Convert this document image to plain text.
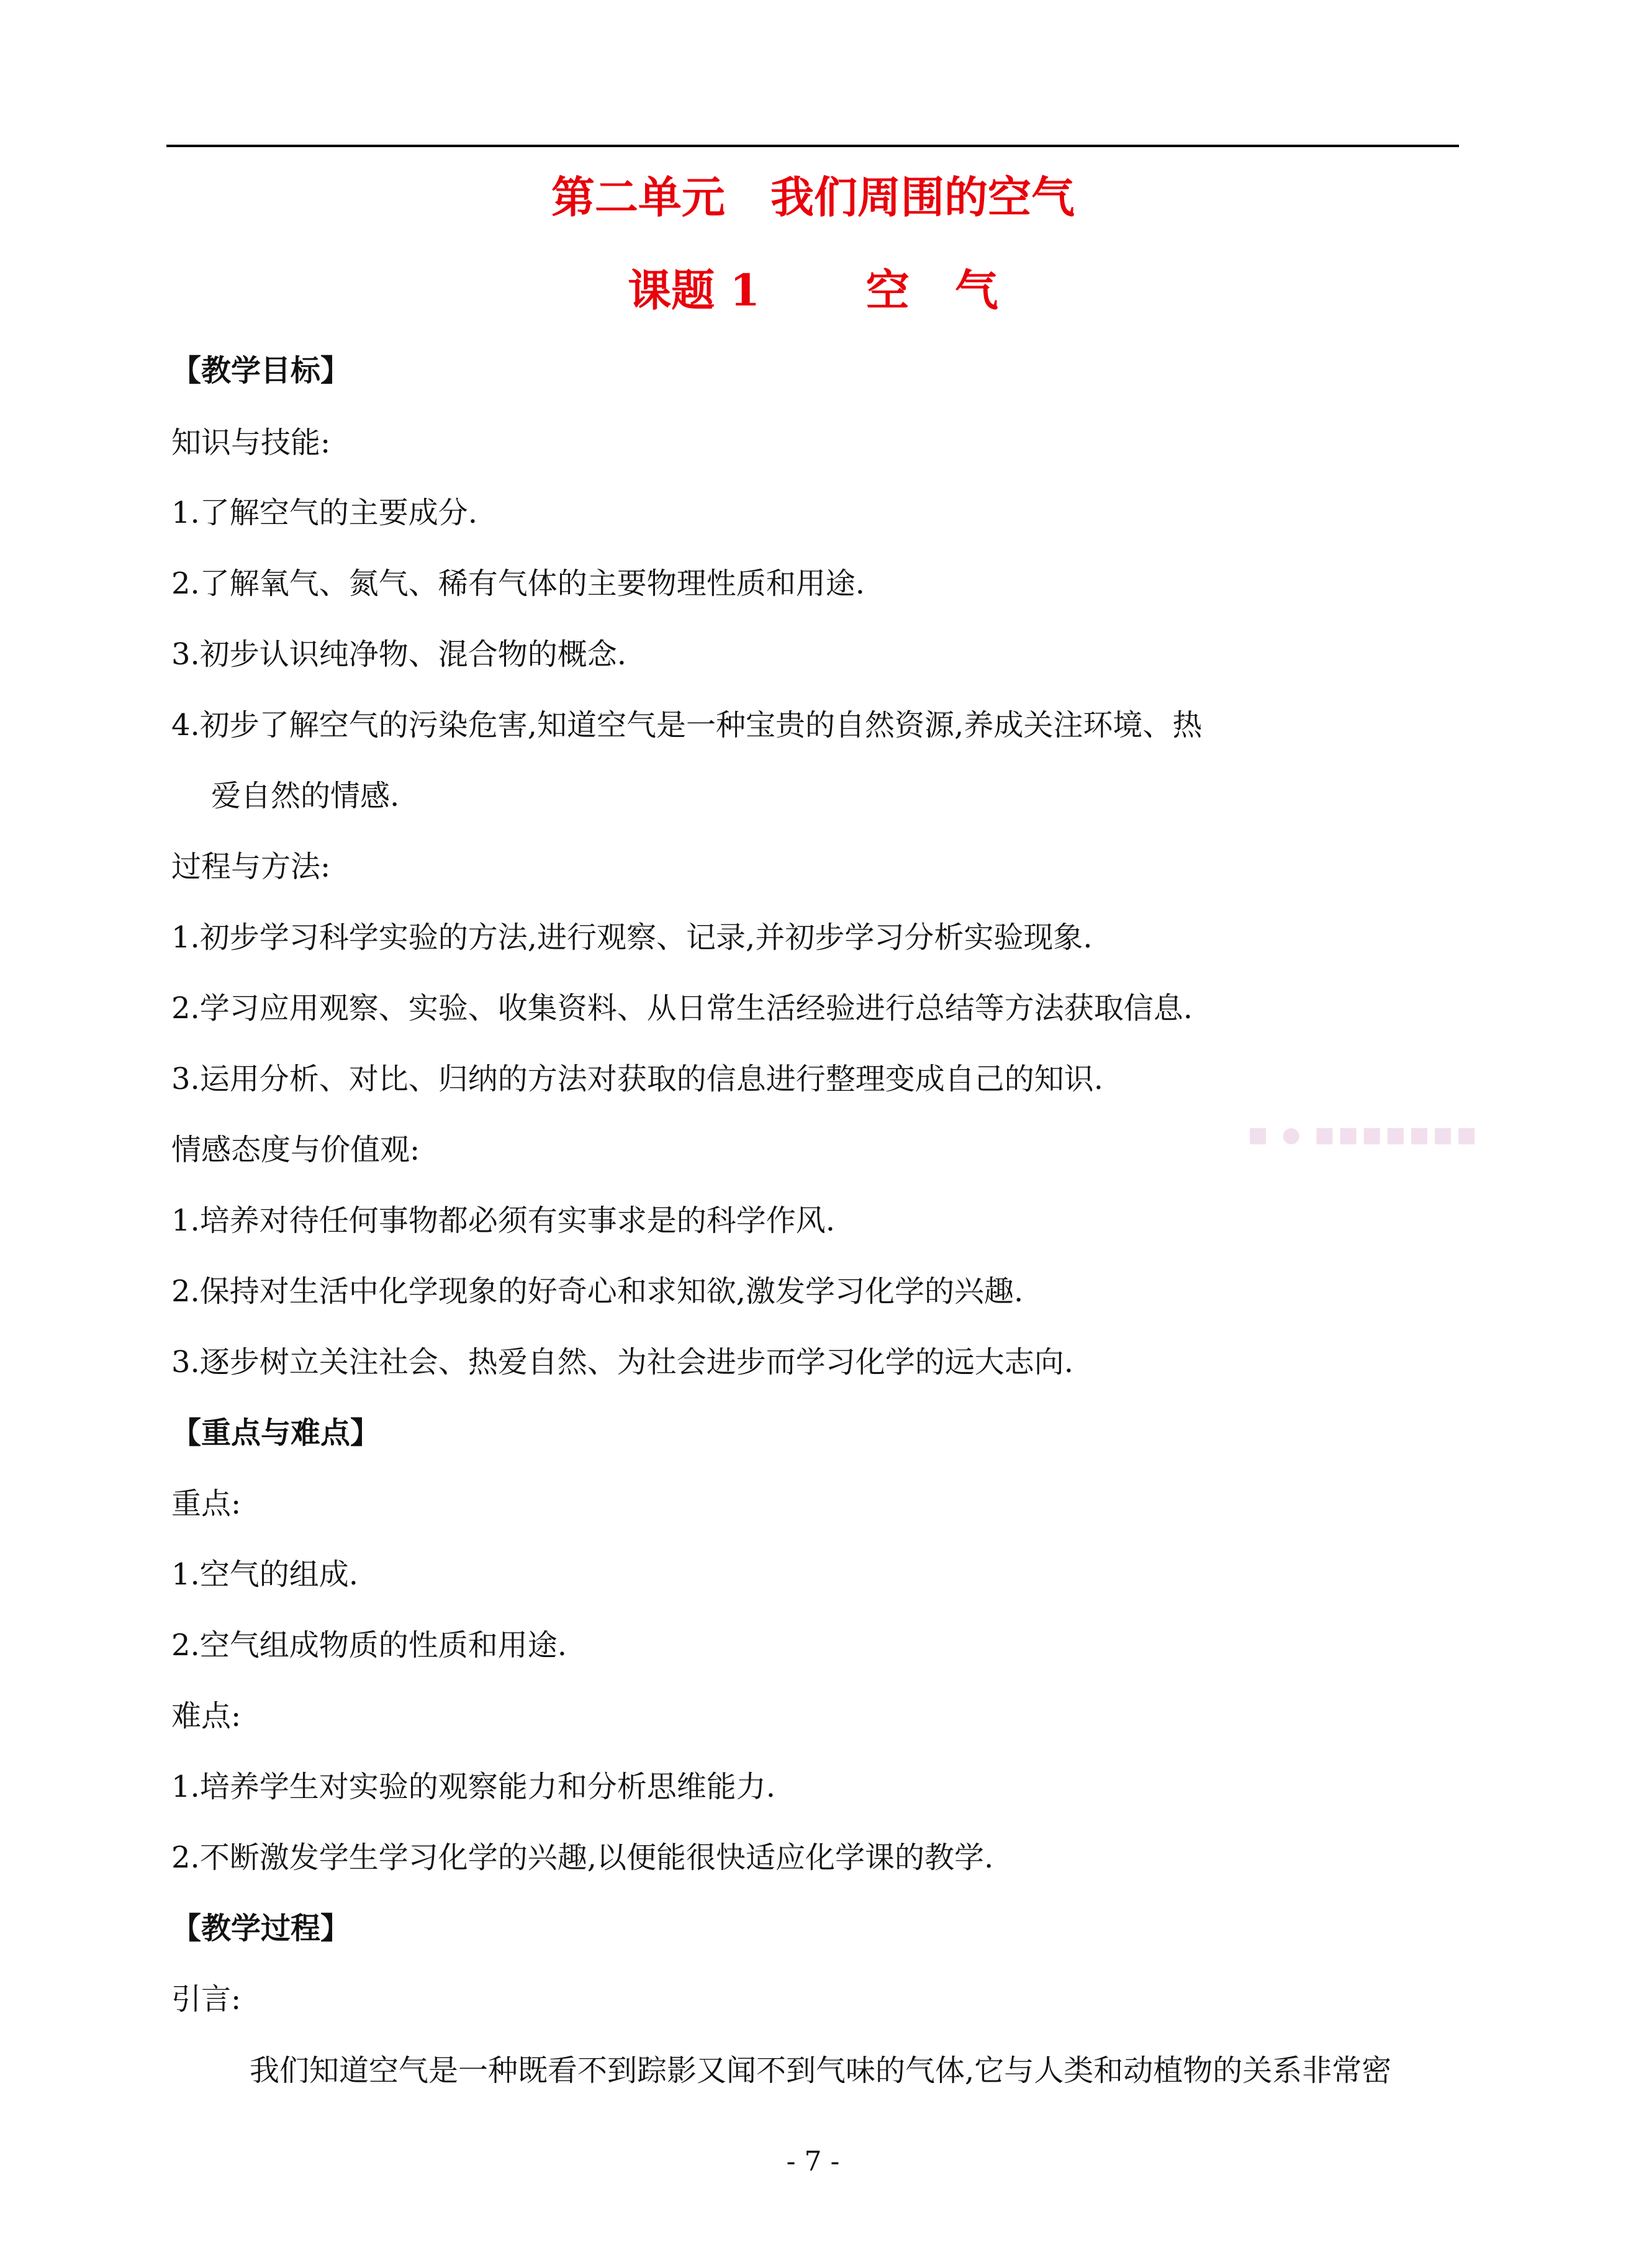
第二单元   我们周围的空气
课题 1       空   气
【教学目标】
知识与技能:
1.了解空气的主要成分.
2.了解氧气、氮气、稀有气体的主要物理性质和用途.
3.初步认识纯净物、混合物的概念.
4.初步了解空气的污染危害,知道空气是一种宝贵的自然资源,养成关注环境、热
爱自然的情感.
过程与方法:
1.初步学习科学实验的方法,进行观察、记录,并初步学习分析实验现象.
2.学习应用观察、实验、收集资料、从日常生活经验进行总结等方法获取信息.
3.运用分析、对比、归纳的方法对获取的信息进行整理变成自己的知识.
■ ● ■■■■■■■
情感态度与价值观:
1.培养对待任何事物都必须有实事求是的科学作风.
2.保持对生活中化学现象的好奇心和求知欲,激发学习化学的兴趣.
3.逐步树立关注社会、热爱自然、为社会进步而学习化学的远大志向.
【重点与难点】
重点:
1.空气的组成.
2.空气组成物质的性质和用途.
难点:
1.培养学生对实验的观察能力和分析思维能力.
2.不断激发学生学习化学的兴趣,以便能很快适应化学课的教学.
【教学过程】
引言:
我们知道空气是一种既看不到踪影又闻不到气味的气体,它与人类和动植物的关系非常密
- 7 -
